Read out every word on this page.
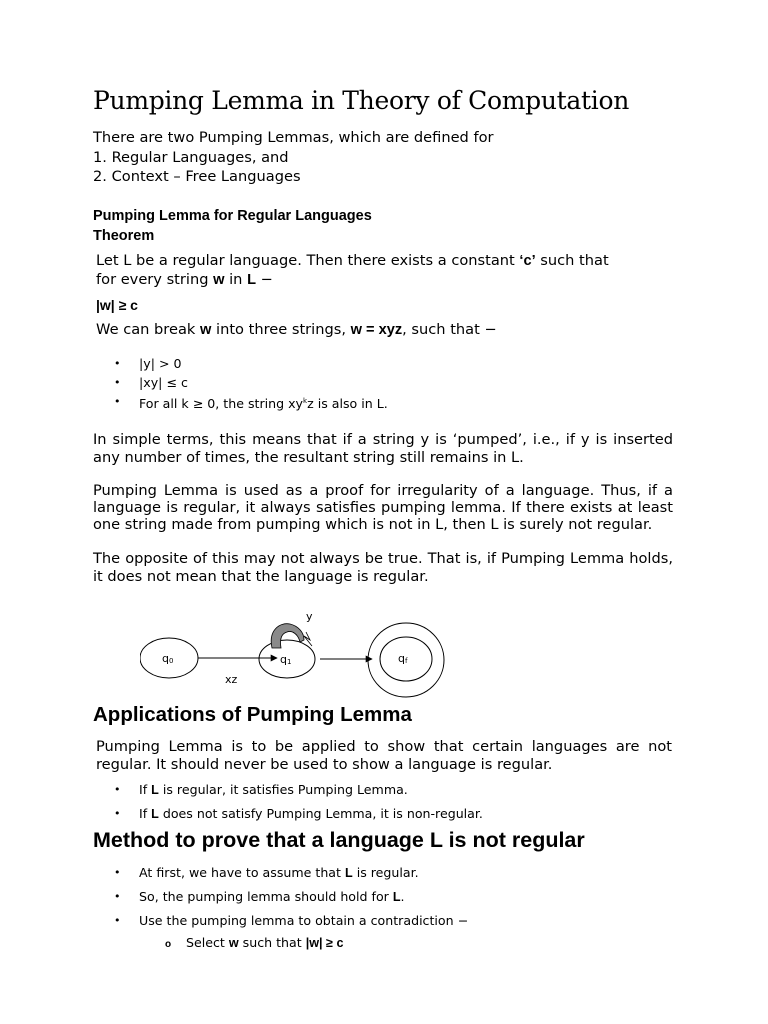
Pumping Lemma in Theory of Computation
There are two Pumping Lemmas, which are defined for
1. Regular Languages, and
2. Context – Free Languages
Pumping Lemma for Regular Languages
Theorem
Let L be a regular language. Then there exists a constant ‘c’ such that
for every string w in L −
|w| ≥ c
We can break w into three strings, w = xyz, such that −
• |y| > 0
• |xy| ≤ c
• For all k ≥ 0, the string $xy^kz$ is also in L.

In simple terms, this means that if a string y is ‘pumped’, i.e., if y is inserted any number of times, the resultant string still remains in L.

Pumping Lemma is used as a proof for irregularity of a language. Thus, if a language is regular, it always satisfies pumping lemma. If there exists at least one string made from pumping which is not in L, then L is surely not regular.

The opposite of this may not always be true. That is, if Pumping Lemma holds, it does not mean that the language is regular.

q0	q1	qf
xz
y
Applications of Pumping Lemma

Pumping Lemma is to be applied to show that certain languages are not regular. It should never be used to show a language is regular.

• If L is regular, it satisfies Pumping Lemma.
• If L does not satisfy Pumping Lemma, it is non-regular.
Method to prove that a language L is not regular
• At first, we have to assume that L is regular.
• So, the pumping lemma should hold for L.
• Use the pumping lemma to obtain a contradiction −
o Select w such that |w| ≥ c
